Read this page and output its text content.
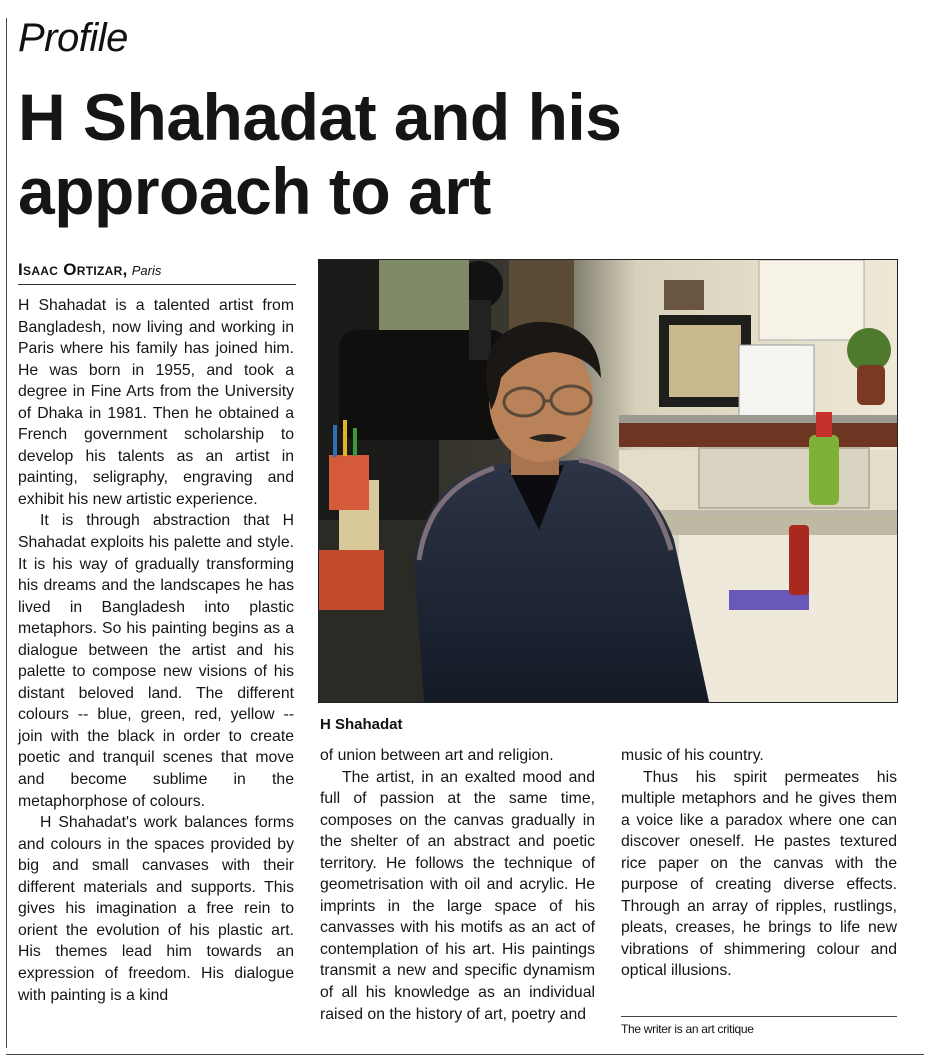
Profile
H Shahadat and his
approach to art
Isaac Ortizar, Paris

H Shahadat is a talented artist from Bangladesh, now living and working in Paris where his family has joined him. He was born in 1955, and took a degree in Fine Arts from the University of Dhaka in 1981. Then he obtained a French government scholarship to develop his talents as an artist in painting, seligraphy, engraving and exhibit his new artistic experience.

It is through abstraction that H Shahadat exploits his palette and style. It is his way of gradually transforming his dreams and the landscapes he has lived in Bangladesh into plastic metaphors. So his painting begins as a dialogue between the artist and his palette to compose new visions of his distant beloved land. The different colours -- blue, green, red, yellow -- join with the black in order to create poetic and tranquil scenes that move and become sublime in the metaphorphose of colours.

H Shahadat's work balances forms and colours in the spaces provided by big and small canvases with their different materials and supports. This gives his imagination a free rein to orient the evolution of his plastic art. His themes lead him towards an expression of freedom. His dialogue with painting is a kind

H Shahadat

of union between art and religion.

The artist, in an exalted mood and full of passion at the same time, composes on the canvas gradually in the shelter of an abstract and poetic territory. He follows the technique of geometrisation with oil and acrylic. He imprints in the large space of his canvasses with his motifs as an act of contemplation of his art. His paintings transmit a new and specific dynamism of all his knowledge as an individual raised on the history of art, poetry and

music of his country.

Thus his spirit permeates his multiple metaphors and he gives them a voice like a paradox where one can discover oneself. He pastes textured rice paper on the canvas with the purpose of creating diverse effects. Through an array of ripples, rustlings, pleats, creases, he brings to life new vibrations of shimmering colour and optical illusions.

The writer is an art critique
